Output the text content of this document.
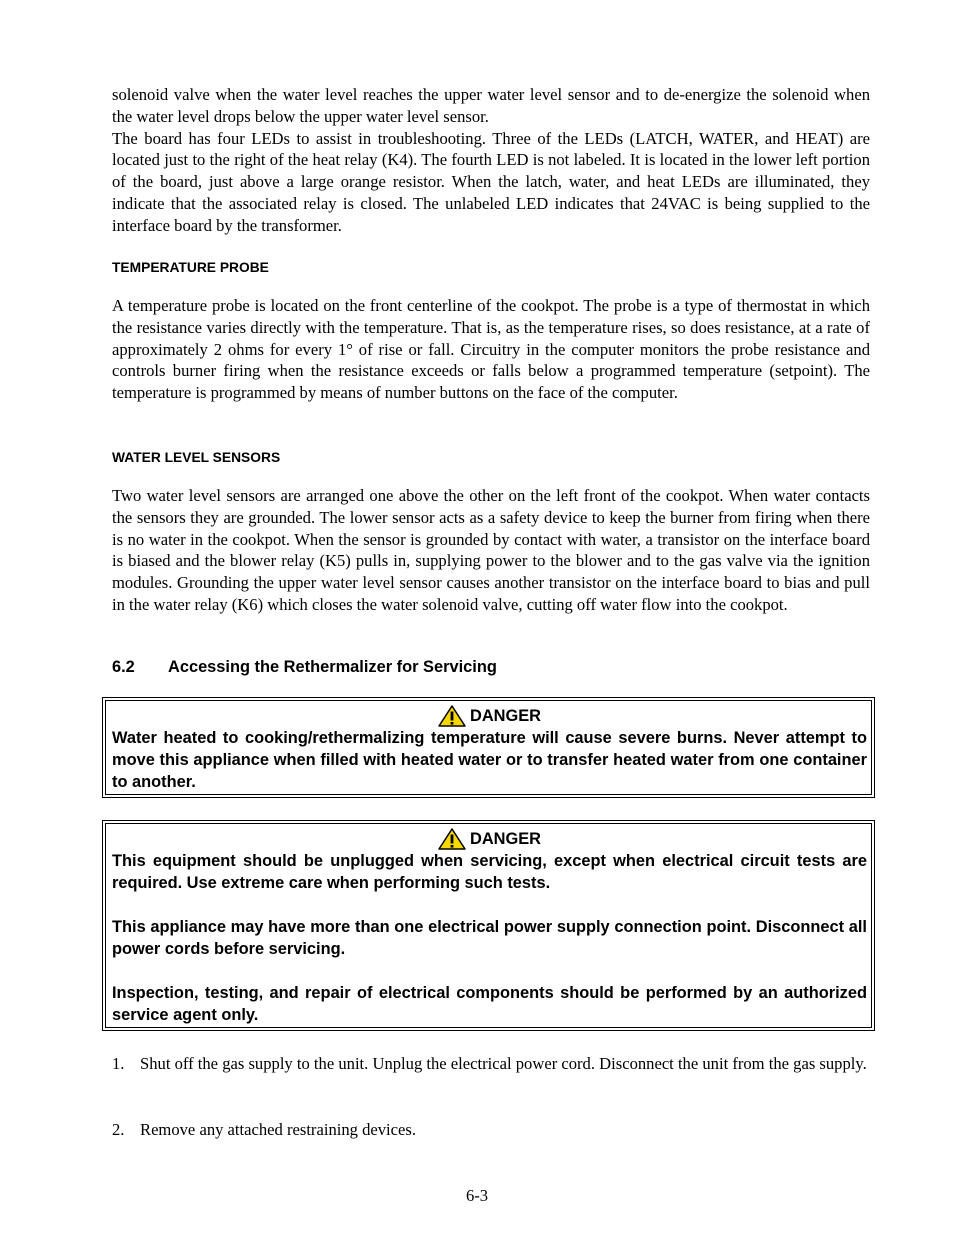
solenoid valve when the water level reaches the upper water level sensor and to de-energize the solenoid when the water level drops below the upper water level sensor.

The board has four LEDs to assist in troubleshooting. Three of the LEDs (LATCH, WATER, and HEAT) are located just to the right of the heat relay (K4). The fourth LED is not labeled. It is located in the lower left portion of the board, just above a large orange resistor. When the latch, water, and heat LEDs are illuminated, they indicate that the associated relay is closed. The unlabeled LED indicates that 24VAC is being supplied to the interface board by the transformer.

TEMPERATURE PROBE

A temperature probe is located on the front centerline of the cookpot. The probe is a type of thermostat in which the resistance varies directly with the temperature. That is, as the temperature rises, so does resistance, at a rate of approximately 2 ohms for every 1° of rise or fall. Circuitry in the computer monitors the probe resistance and controls burner firing when the resistance exceeds or falls below a programmed temperature (setpoint). The temperature is programmed by means of number buttons on the face of the computer.

WATER LEVEL SENSORS

Two water level sensors are arranged one above the other on the left front of the cookpot. When water contacts the sensors they are grounded. The lower sensor acts as a safety device to keep the burner from firing when there is no water in the cookpot. When the sensor is grounded by contact with water, a transistor on the interface board is biased and the blower relay (K5) pulls in, supplying power to the blower and to the gas valve via the ignition modules. Grounding the upper water level sensor causes another transistor on the interface board to bias and pull in the water relay (K6) which closes the water solenoid valve, cutting off water flow into the cookpot.

6.2 Accessing the Rethermalizer for Servicing

DANGER

Water heated to cooking/rethermalizing temperature will cause severe burns. Never attempt to move this appliance when filled with heated water or to transfer heated water from one container to another.

DANGER

This equipment should be unplugged when servicing, except when electrical circuit tests are required. Use extreme care when performing such tests.

This appliance may have more than one electrical power supply connection point. Disconnect all power cords before servicing.

Inspection, testing, and repair of electrical components should be performed by an authorized service agent only.

1. Shut off the gas supply to the unit. Unplug the electrical power cord. Disconnect the unit from the gas supply.
2. Remove any attached restraining devices.
6-3
